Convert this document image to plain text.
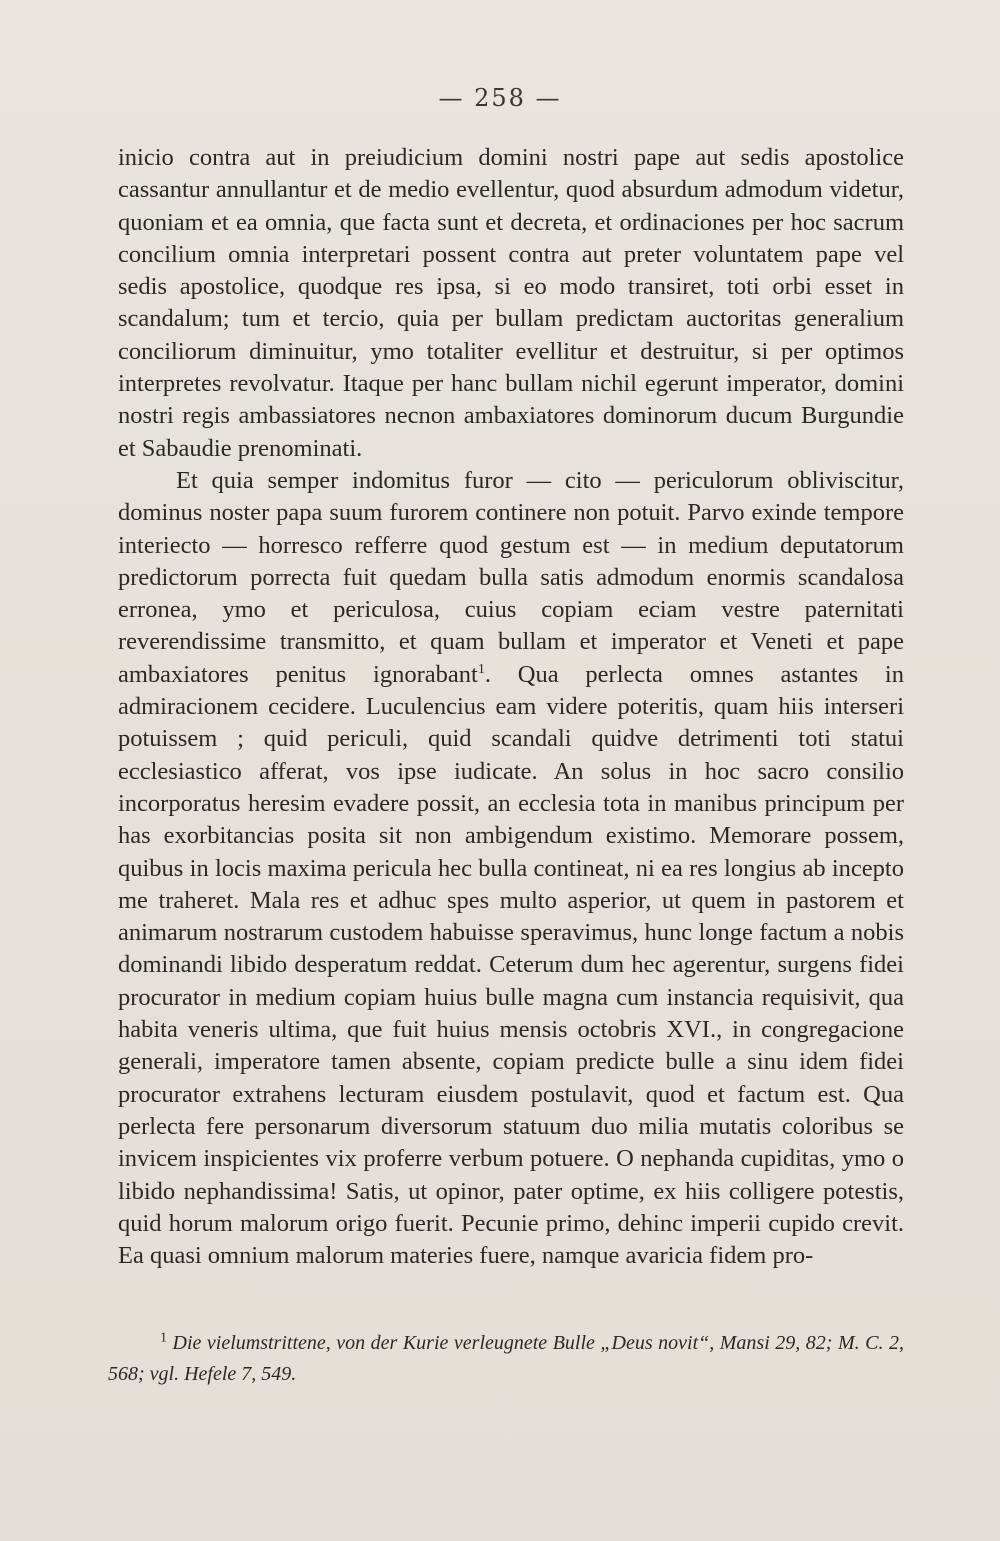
— 258 —

inicio contra aut in preiudicium domini nostri pape aut sedis apostolice cassantur annullantur et de medio evellentur, quod absurdum admodum videtur, quoniam et ea omnia, que facta sunt et decreta, et ordinaciones per hoc sacrum concilium omnia interpretari possent contra aut preter voluntatem pape vel sedis apostolice, quodque res ipsa, si eo modo transiret, toti orbi esset in scandalum; tum et tercio, quia per bullam predictam auctoritas generalium conciliorum diminuitur, ymo totaliter evellitur et destruitur, si per optimos interpretes revolvatur. Itaque per hanc bullam nichil egerunt imperator, domini nostri regis ambassiatores necnon ambaxiatores dominorum ducum Burgundie et Sabaudie prenominati.

Et quia semper indomitus furor — cito — periculorum obliviscitur, dominus noster papa suum furorem continere non potuit. Parvo exinde tempore interiecto — horresco refferre quod gestum est — in medium deputatorum predictorum porrecta fuit quedam bulla satis admodum enormis scandalosa erronea, ymo et periculosa, cuius copiam eciam vestre paternitati reverendissime transmitto, et quam bullam et imperator et Veneti et pape ambaxiatores penitus ignorabant$^1$. Qua perlecta omnes astantes in admiracionem cecidere. Luculencius eam videre poteritis, quam hiis interseri potuissem ; quid periculi, quid scandali quidve detrimenti toti statui ecclesiastico afferat, vos ipse iudicate. An solus in hoc sacro consilio incorporatus heresim evadere possit, an ecclesia tota in manibus principum per has exorbitancias posita sit non ambigendum existimo. Memorare possem, quibus in locis maxima pericula hec bulla contineat, ni ea res longius ab incepto me traheret. Mala res et adhuc spes multo asperior, ut quem in pastorem et animarum nostrarum custodem habuisse speravimus, hunc longe factum a nobis dominandi libido desperatum reddat. Ceterum dum hec agerentur, surgens fidei procurator in medium copiam huius bulle magna cum instancia requisivit, qua habita veneris ultima, que fuit huius mensis octobris XVI., in congregacione generali, imperatore tamen absente, copiam predicte bulle a sinu idem fidei procurator extrahens lecturam eiusdem postulavit, quod et factum est. Qua perlecta fere personarum diversorum statuum duo milia mutatis coloribus se invicem inspicientes vix proferre verbum potuere. O nephanda cupiditas, ymo o libido nephandissima! Satis, ut opinor, pater optime, ex hiis colligere potestis, quid horum malorum origo fuerit. Pecunie primo, dehinc imperii cupido crevit. Ea quasi omnium malorum materies fuere, namque avaricia fidem pro-

$^1$ Die vielumstrittene, von der Kurie verleugnete Bulle „Deus novit“, Mansi 29, 82; M. C. 2, 568; vgl. Hefele 7, 549.
